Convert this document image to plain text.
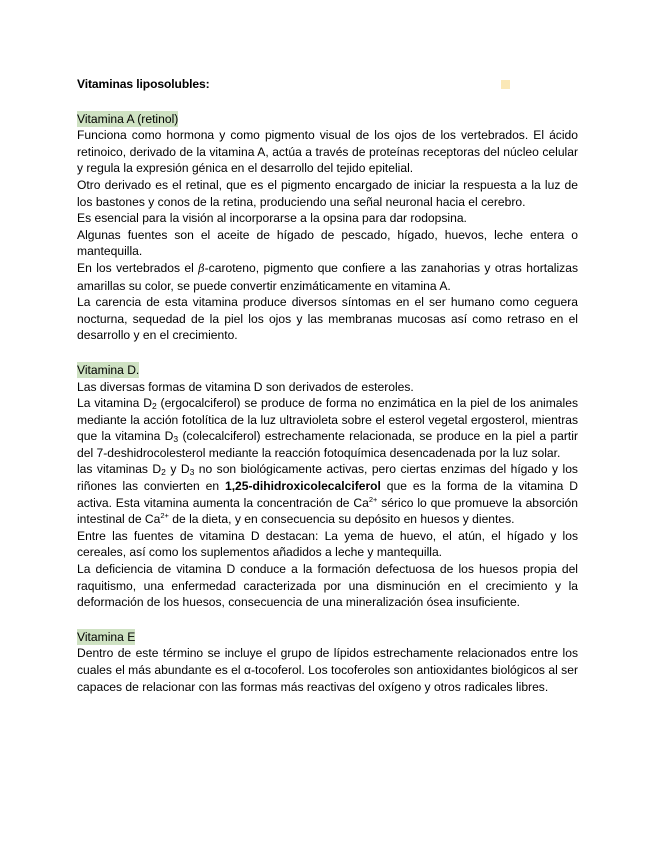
Vitaminas liposolubles:

Vitamina A (retinol)

Funciona como hormona y como pigmento visual de los ojos de los vertebrados. El ácido retinoico, derivado de la vitamina A, actúa a través de proteínas receptoras del núcleo celular y regula la expresión génica en el desarrollo del tejido epitelial.

Otro derivado es el retinal, que es el pigmento encargado de iniciar la respuesta a la luz de los bastones y conos de la retina, produciendo una señal neuronal hacia el cerebro.

Es esencial para la visión al incorporarse a la opsina para dar rodopsina.

Algunas fuentes son el aceite de hígado de pescado, hígado, huevos, leche entera o mantequilla.

En los vertebrados el β-caroteno, pigmento que confiere a las zanahorias y otras hortalizas amarillas su color, se puede convertir enzimáticamente en vitamina A.

La carencia de esta vitamina produce diversos síntomas en el ser humano como ceguera nocturna, sequedad de la piel los ojos y las membranas mucosas así como retraso en el desarrollo y en el crecimiento.

Vitamina D.

Las diversas formas de vitamina D son derivados de esteroles.

La vitamina $D_2$ (ergocalciferol) se produce de forma no enzimática en la piel de los animales mediante la acción fotolítica de la luz ultravioleta sobre el esterol vegetal ergosterol, mientras que la vitamina $D_3$ (colecalciferol) estrechamente relacionada, se produce en la piel a partir del 7-deshidrocolesterol mediante la reacción fotoquímica desencadenada por la luz solar.

las vitaminas $D_2$ y $D_3$ no son biológicamente activas, pero ciertas enzimas del hígado y los riñones las convierten en 1,25-dihidroxicolecalciferol que es la forma de la vitamina D activa. Esta vitamina aumenta la concentración de $Ca^{2+}$ sérico lo que promueve la absorción intestinal de $Ca^{2+}$ de la dieta, y en consecuencia su depósito en huesos y dientes.

Entre las fuentes de vitamina D destacan: La yema de huevo, el atún, el hígado y los cereales, así como los suplementos añadidos a leche y mantequilla.

La deficiencia de vitamina D conduce a la formación defectuosa de los huesos propia del raquitismo, una enfermedad caracterizada por una disminución en el crecimiento y la deformación de los huesos, consecuencia de una mineralización ósea insuficiente.

Vitamina E

Dentro de este término se incluye el grupo de lípidos estrechamente relacionados entre los cuales el más abundante es el α-tocoferol. Los tocoferoles son antioxidantes biológicos al ser capaces de relacionar con las formas más reactivas del oxígeno y otros radicales libres.
